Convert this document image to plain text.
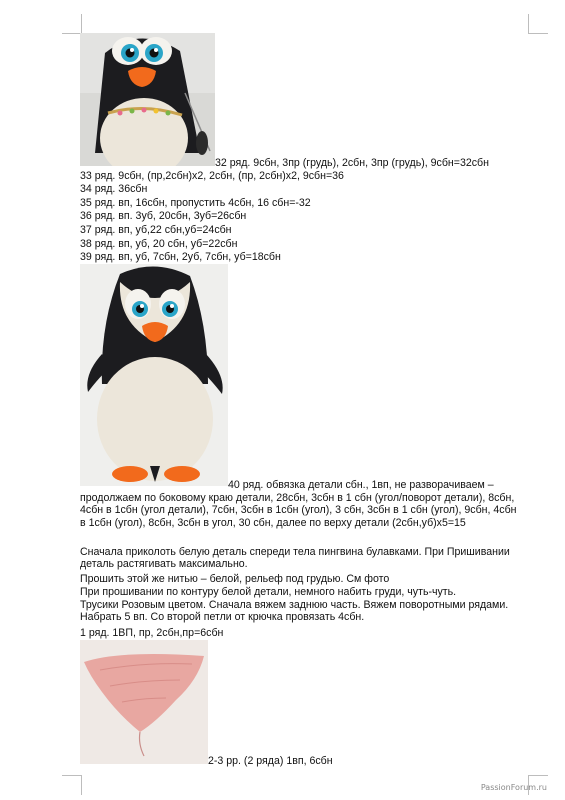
32 ряд. 9сбн, 3пр (грудь), 2сбн, 3пр (грудь), 9сбн=32сбн
33 ряд. 9сбн, (пр,2сбн)х2, 2сбн, (пр, 2сбн)х2, 9сбн=36
34 ряд. 36сбн
35 ряд. вп, 16сбн, пропустить 4сбн, 16 сбн=-32
36 ряд. вп. 3уб, 20сбн, 3уб=26сбн
37 ряд. вп, уб,22 сбн,уб=24сбн
38 ряд. вп, уб, 20 сбн, уб=22сбн
39 ряд. вп, уб, 7сбн, 2уб, 7сбн, уб=18сбн
40 ряд. обвязка детали сбн., 1вп, не разворачиваем –
продолжаем по боковому краю детали, 28сбн, 3сбн в 1 сбн (угол/поворот детали), 8сбн, 4сбн в 1сбн (угол детали), 7сбн, 3сбн в 1сбн (угол), 3 сбн, 3сбн в 1 сбн (угол), 9сбн, 4сбн в 1сбн (угол), 8сбн, 3сбн в угол, 30 сбн, далее по верху детали (2сбн,уб)х5=15
Сначала приколоть белую деталь спереди тела пингвина булавками. При Пришивании деталь растягивать максимально.
Прошить этой же нитью – белой, рельеф под грудью. См фото
При прошивании по контуру белой детали, немного набить груди, чуть-чуть.
Трусики Розовым цветом. Сначала вяжем заднюю часть. Вяжем поворотными рядами. Набрать 5 вп. Со второй петли от крючка провязать 4сбн.
1 ряд. 1ВП, пр, 2сбн,пр=6сбн
2-3 рр. (2 ряда) 1вп, 6сбн
PassionForum.ru
